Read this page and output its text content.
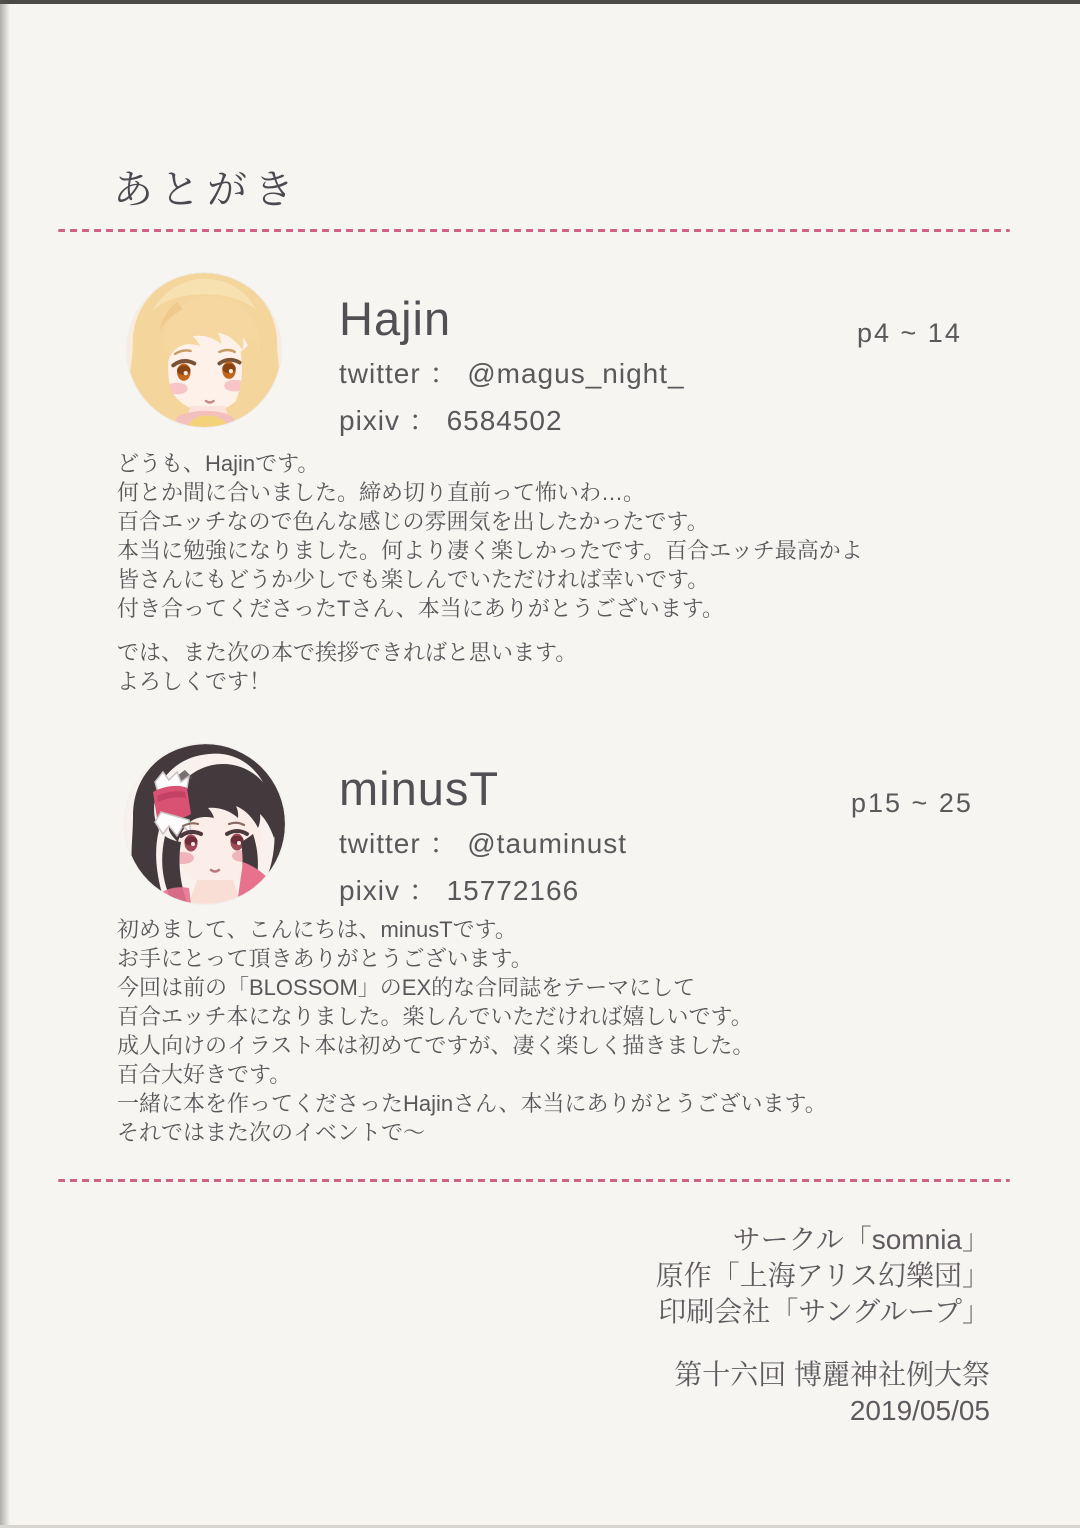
あとがき
Hajin
twitter ： @magus_night_
pixiv ： 6584502
p4 ~ 14
どうも、Hajinです。
何とか間に合いました。締め切り直前って怖いわ…。
百合エッチなので色んな感じの雰囲気を出したかったです。
本当に勉強になりました。何より凄く楽しかったです。百合エッチ最高かよ
皆さんにもどうか少しでも楽しんでいただければ幸いです。
付き合ってくださったTさん、本当にありがとうございます。
では、また次の本で挨拶できればと思います。
よろしくです！
minusT
twitter ： @tauminust
pixiv ： 15772166
p15 ~ 25
初めまして、こんにちは、minusTです。
お手にとって頂きありがとうございます。
今回は前の「BLOSSOM」のEX的な合同誌をテーマにして
百合エッチ本になりました。楽しんでいただければ嬉しいです。
成人向けのイラスト本は初めてですが、凄く楽しく描きました。
百合大好きです。
一緒に本を作ってくださったHajinさん、本当にありがとうございます。
それではまた次のイベントで～
サークル「somnia」
原作「上海アリス幻樂団」
印刷会社「サングループ」
第十六回 博麗神社例大祭
2019/05/05
